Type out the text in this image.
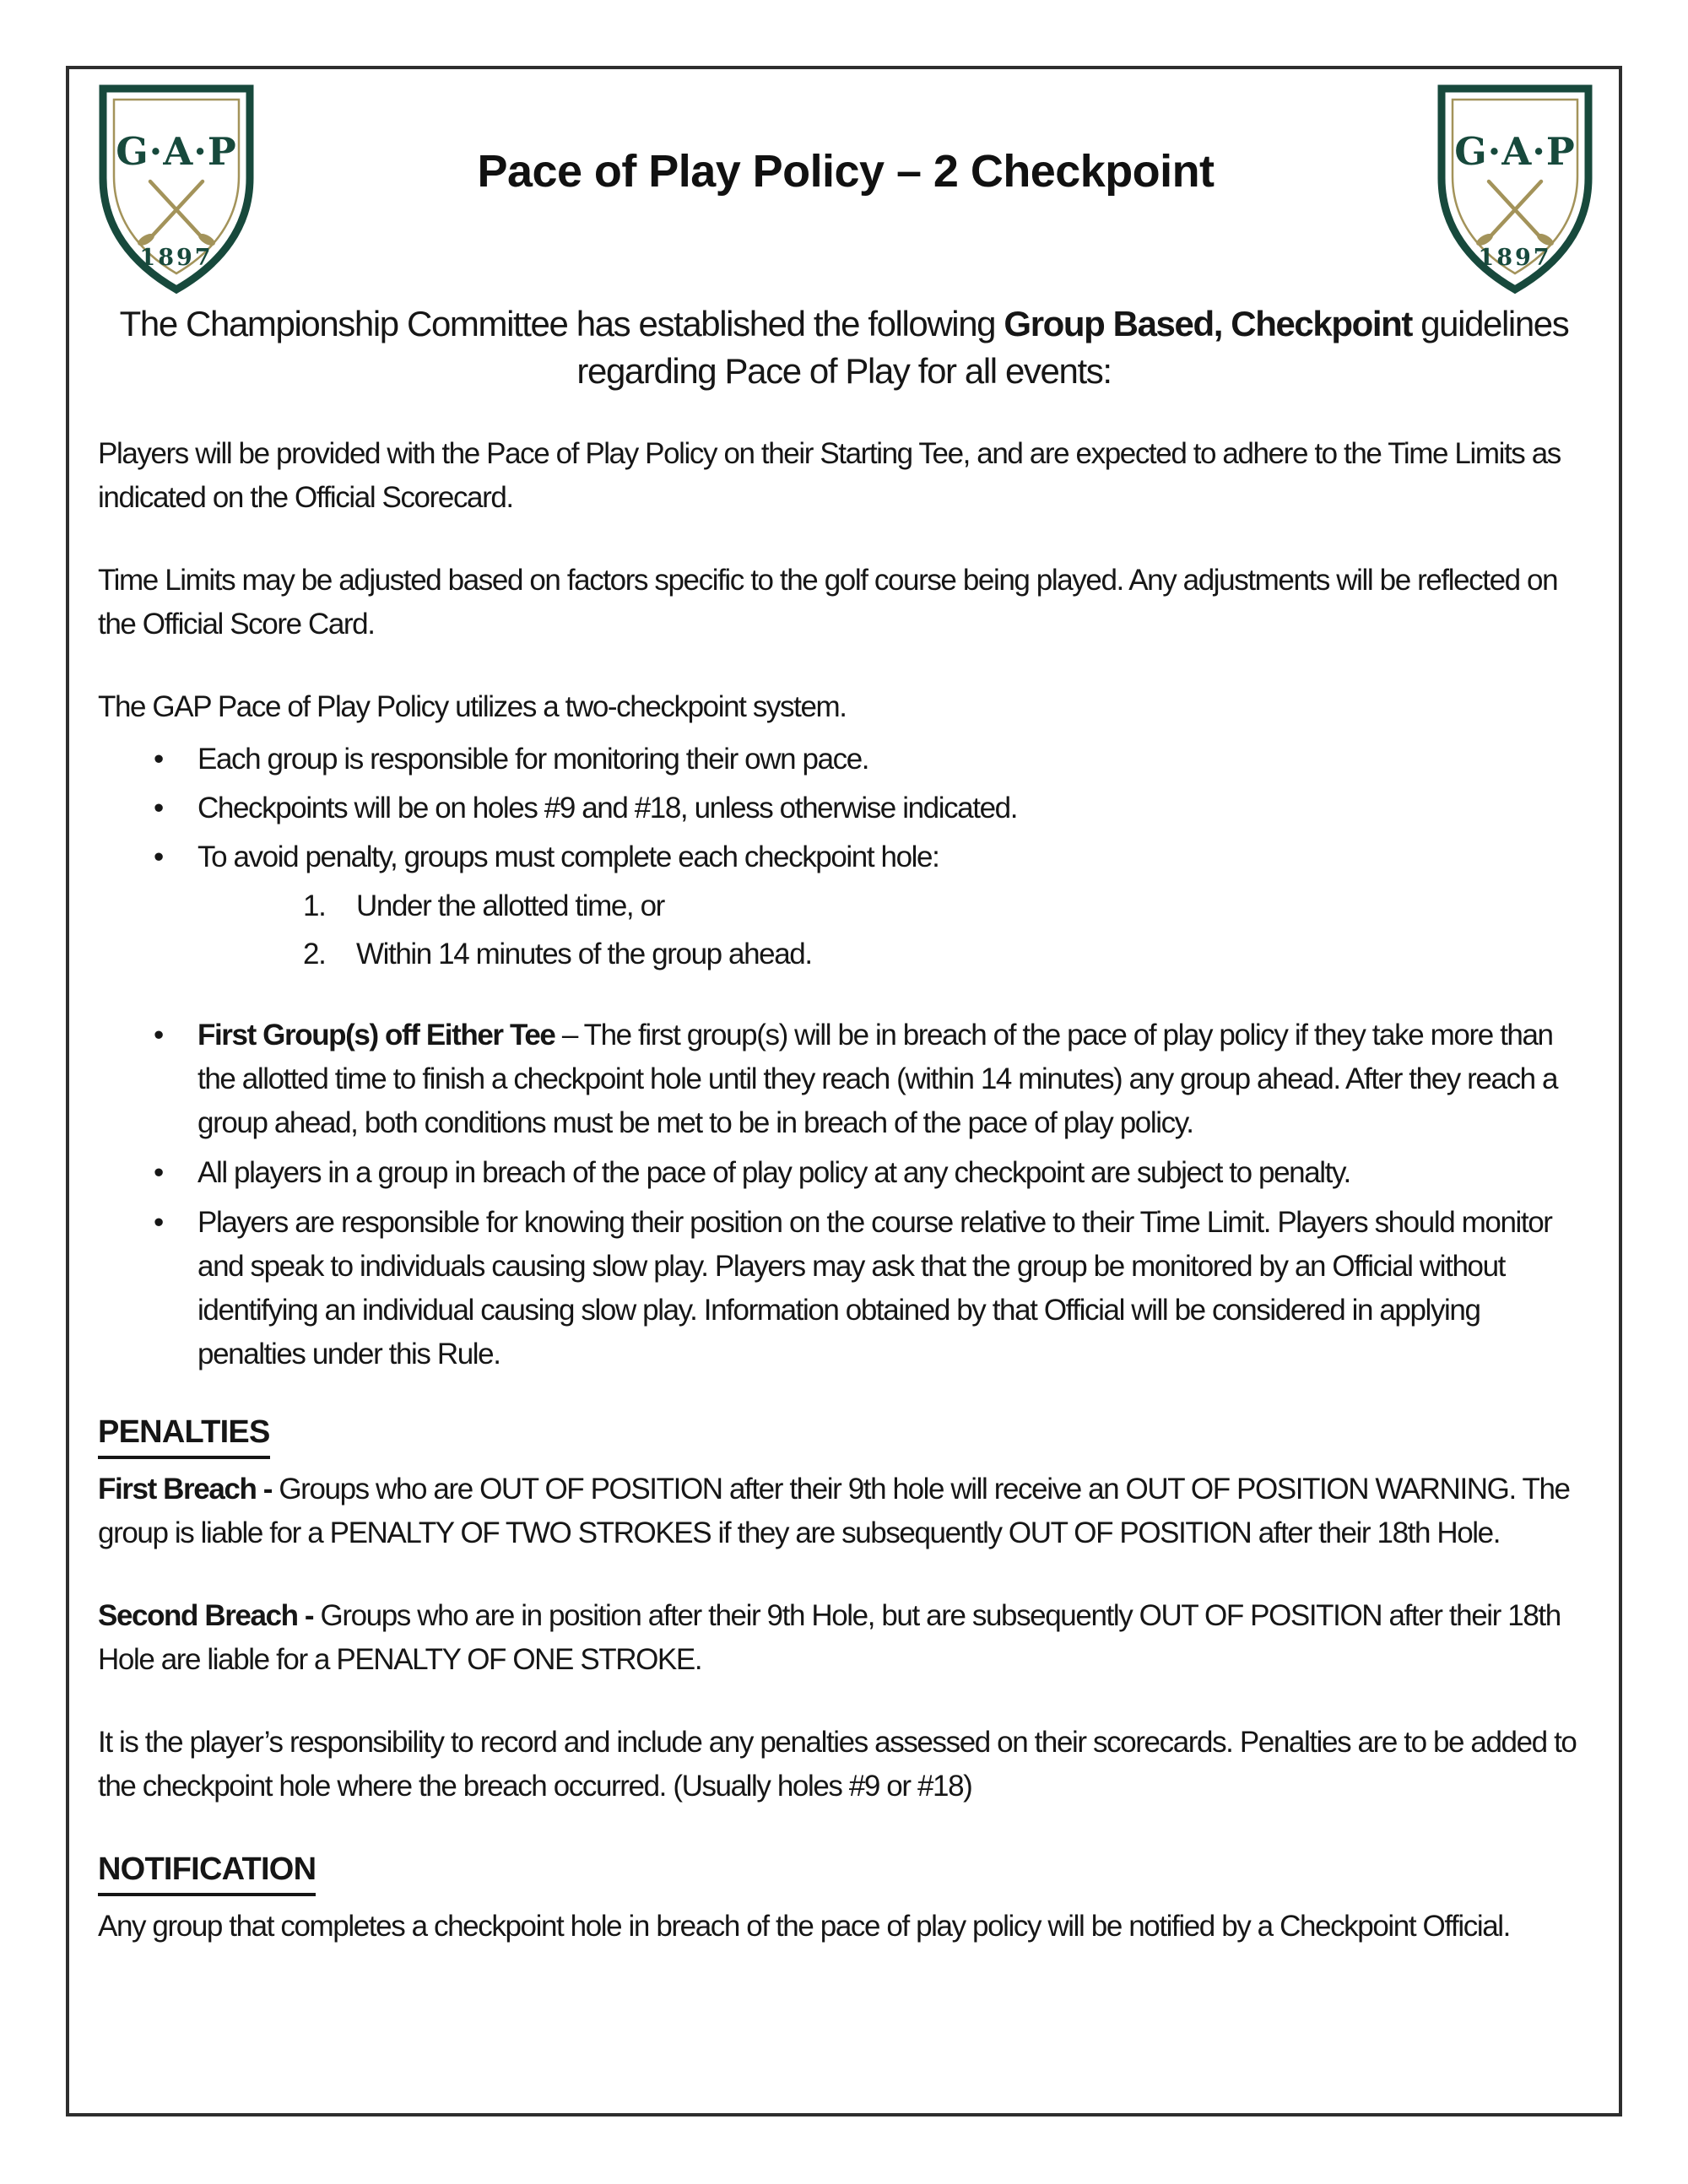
G·A·P
1897
Pace of Play Policy – 2 Checkpoint	G·A·P
1897

The Championship Committee has established the following Group Based, Checkpoint guidelines regarding Pace of Play for all events:

Players will be provided with the Pace of Play Policy on their Starting Tee, and are expected to adhere to the Time Limits as indicated on the Official Scorecard.

Time Limits may be adjusted based on factors specific to the golf course being played. Any adjustments will be reflected on the Official Score Card.

The GAP Pace of Play Policy utilizes a two-checkpoint system.

• Each group is responsible for monitoring their own pace.
• Checkpoints will be on holes #9 and #18, unless otherwise indicated.
• To avoid penalty, groups must complete each checkpoint hole:
1. Under the allotted time, or
2. Within 14 minutes of the group ahead.
• First Group(s) off Either Tee – The first group(s) will be in breach of the pace of play policy if they take more than the allotted time to finish a checkpoint hole until they reach (within 14 minutes) any group ahead. After they reach a group ahead, both conditions must be met to be in breach of the pace of play policy.
• All players in a group in breach of the pace of play policy at any checkpoint are subject to penalty.
• Players are responsible for knowing their position on the course relative to their Time Limit. Players should monitor and speak to individuals causing slow play. Players may ask that the group be monitored by an Official without identifying an individual causing slow play. Information obtained by that Official will be considered in applying penalties under this Rule.
PENALTIES

First Breach - Groups who are OUT OF POSITION after their 9th hole will receive an OUT OF POSITION WARNING. The group is liable for a PENALTY OF TWO STROKES if they are subsequently OUT OF POSITION after their 18th Hole.

Second Breach - Groups who are in position after their 9th Hole, but are subsequently OUT OF POSITION after their 18th Hole are liable for a PENALTY OF ONE STROKE.

It is the player’s responsibility to record and include any penalties assessed on their scorecards. Penalties are to be added to the checkpoint hole where the breach occurred. (Usually holes #9 or #18)

NOTIFICATION

Any group that completes a checkpoint hole in breach of the pace of play policy will be notified by a Checkpoint Official.
